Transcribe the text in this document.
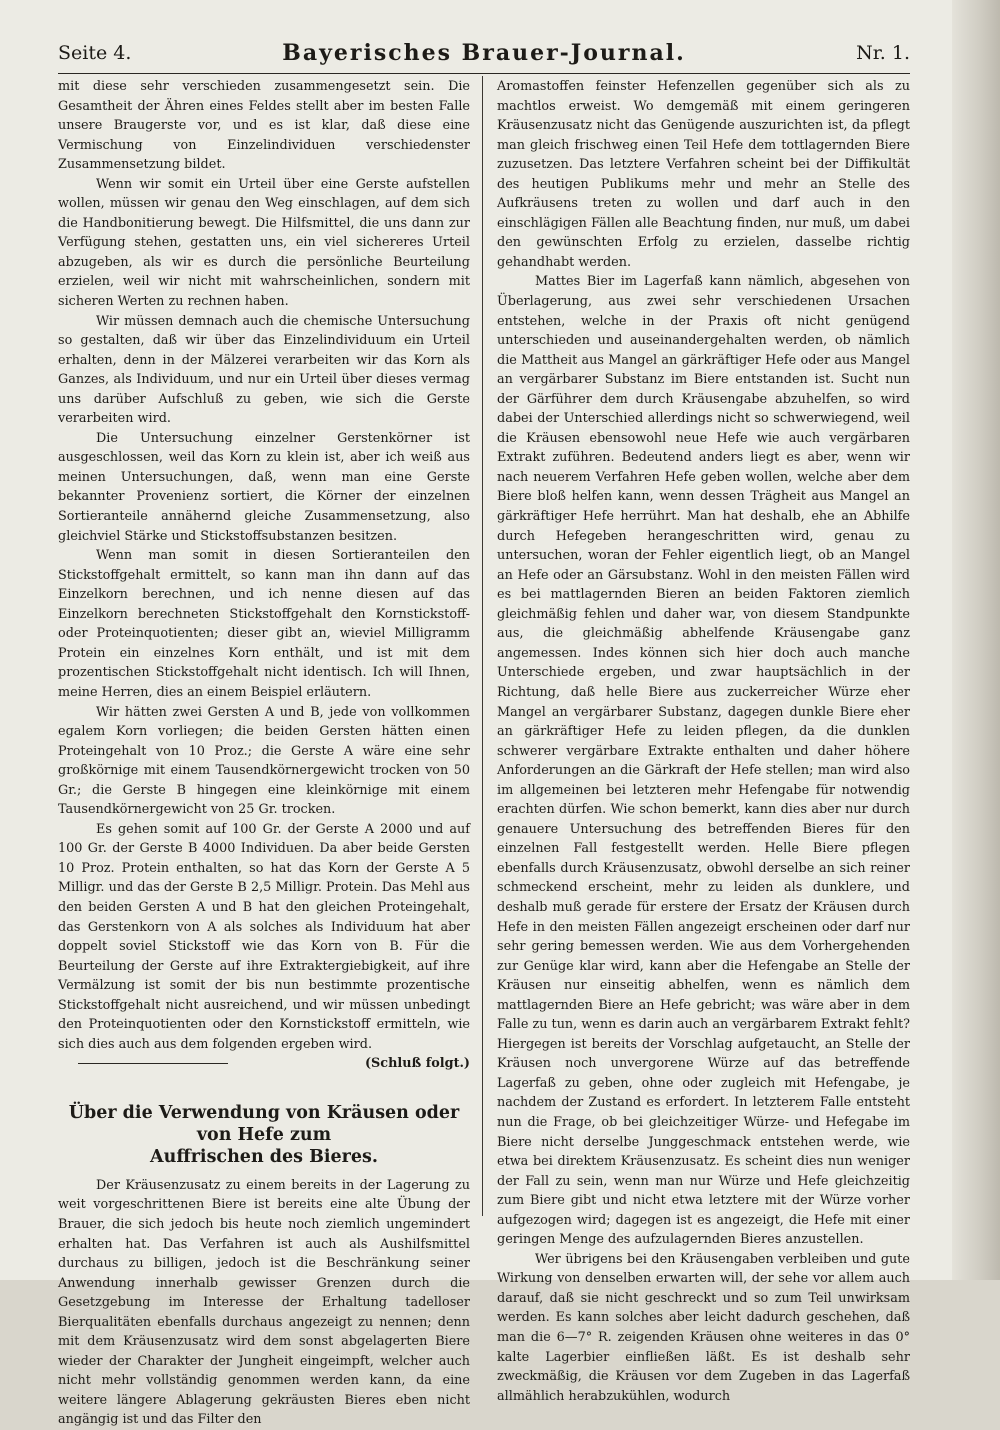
Seite 4.	Bayerisches Brauer-Journal.	Nr. 1.

mit diese sehr verschieden zusammengesetzt sein. Die Gesamtheit der Ähren eines Feldes stellt aber im besten Falle unsere Braugerste vor, und es ist klar, daß diese eine Vermischung von Einzelindividuen verschiedenster Zusammensetzung bildet.

Wenn wir somit ein Urteil über eine Gerste aufstellen wollen, müssen wir genau den Weg einschlagen, auf dem sich die Handbonitierung bewegt. Die Hilfsmittel, die uns dann zur Verfügung stehen, gestatten uns, ein viel sichereres Urteil abzugeben, als wir es durch die persönliche Beurteilung erzielen, weil wir nicht mit wahrscheinlichen, sondern mit sicheren Werten zu rechnen haben.

Wir müssen demnach auch die chemische Untersuchung so gestalten, daß wir über das Einzelindividuum ein Urteil erhalten, denn in der Mälzerei verarbeiten wir das Korn als Ganzes, als Individuum, und nur ein Urteil über dieses vermag uns darüber Aufschluß zu geben, wie sich die Gerste verarbeiten wird.

Die Untersuchung einzelner Gerstenkörner ist ausgeschlossen, weil das Korn zu klein ist, aber ich weiß aus meinen Untersuchungen, daß, wenn man eine Gerste bekannter Provenienz sortiert, die Körner der einzelnen Sortieranteile annähernd gleiche Zusammensetzung, also gleichviel Stärke und Stickstoffsubstanzen besitzen.

Wenn man somit in diesen Sortieranteilen den Stickstoffgehalt ermittelt, so kann man ihn dann auf das Einzelkorn berechnen, und ich nenne diesen auf das Einzelkorn berechneten Stickstoffgehalt den Kornstickstoff- oder Proteinquotienten; dieser gibt an, wieviel Milligramm Protein ein einzelnes Korn enthält, und ist mit dem prozentischen Stickstoffgehalt nicht identisch. Ich will Ihnen, meine Herren, dies an einem Beispiel erläutern.

Wir hätten zwei Gersten A und B, jede von vollkommen egalem Korn vorliegen; die beiden Gersten hätten einen Proteingehalt von 10 Proz.; die Gerste A wäre eine sehr großkörnige mit einem Tausendkörnergewicht trocken von 50 Gr.; die Gerste B hingegen eine kleinkörnige mit einem Tausendkörnergewicht von 25 Gr. trocken.

Es gehen somit auf 100 Gr. der Gerste A 2000 und auf 100 Gr. der Gerste B 4000 Individuen. Da aber beide Gersten 10 Proz. Protein enthalten, so hat das Korn der Gerste A 5 Milligr. und das der Gerste B 2,5 Milligr. Protein. Das Mehl aus den beiden Gersten A und B hat den gleichen Proteingehalt, das Gerstenkorn von A als solches als Individuum hat aber doppelt soviel Stickstoff wie das Korn von B. Für die Beurteilung der Gerste auf ihre Extraktergiebigkeit, auf ihre Vermälzung ist somit der bis nun bestimmte prozentische Stickstoffgehalt nicht ausreichend, und wir müssen unbedingt den Proteinquotienten oder den Kornstickstoff ermitteln, wie sich dies auch aus dem folgenden ergeben wird.

(Schluß folgt.)

Über die Verwendung von Kräusen oder von Hefe zum
Auffrischen des Bieres.

Der Kräusenzusatz zu einem bereits in der Lagerung zu weit vorgeschrittenen Biere ist bereits eine alte Übung der Brauer, die sich jedoch bis heute noch ziemlich ungemindert erhalten hat. Das Verfahren ist auch als Aushilfsmittel durchaus zu billigen, jedoch ist die Beschränkung seiner Anwendung innerhalb gewisser Grenzen durch die Gesetzgebung im Interesse der Erhaltung tadelloser Bierqualitäten ebenfalls durchaus angezeigt zu nennen; denn mit dem Kräusenzusatz wird dem sonst abgelagerten Biere wieder der Charakter der Jungheit eingeimpft, welcher auch nicht mehr vollständig genommen werden kann, da eine weitere längere Ablagerung gekräusten Bieres eben nicht angängig ist und das Filter den

Aromastoffen feinster Hefenzellen gegenüber sich als zu machtlos erweist. Wo demgemäß mit einem geringeren Kräusenzusatz nicht das Genügende auszurichten ist, da pflegt man gleich frischweg einen Teil Hefe dem tottlagernden Biere zuzusetzen. Das letztere Verfahren scheint bei der Diffikultät des heutigen Publikums mehr und mehr an Stelle des Aufkräusens treten zu wollen und darf auch in den einschlägigen Fällen alle Beachtung finden, nur muß, um dabei den gewünschten Erfolg zu erzielen, dasselbe richtig gehandhabt werden.

Mattes Bier im Lagerfaß kann nämlich, abgesehen von Überlagerung, aus zwei sehr verschiedenen Ursachen entstehen, welche in der Praxis oft nicht genügend unterschieden und auseinandergehalten werden, ob nämlich die Mattheit aus Mangel an gärkräftiger Hefe oder aus Mangel an vergärbarer Substanz im Biere entstanden ist. Sucht nun der Gärführer dem durch Kräusengabe abzuhelfen, so wird dabei der Unterschied allerdings nicht so schwerwiegend, weil die Kräusen ebensowohl neue Hefe wie auch vergärbaren Extrakt zuführen. Bedeutend anders liegt es aber, wenn wir nach neuerem Verfahren Hefe geben wollen, welche aber dem Biere bloß helfen kann, wenn dessen Trägheit aus Mangel an gärkräftiger Hefe herrührt. Man hat deshalb, ehe an Abhilfe durch Hefegeben herangeschritten wird, genau zu untersuchen, woran der Fehler eigentlich liegt, ob an Mangel an Hefe oder an Gärsubstanz. Wohl in den meisten Fällen wird es bei mattlagernden Bieren an beiden Faktoren ziemlich gleichmäßig fehlen und daher war, von diesem Standpunkte aus, die gleichmäßig abhelfende Kräusengabe ganz angemessen. Indes können sich hier doch auch manche Unterschiede ergeben, und zwar hauptsächlich in der Richtung, daß helle Biere aus zuckerreicher Würze eher Mangel an vergärbarer Substanz, dagegen dunkle Biere eher an gärkräftiger Hefe zu leiden pflegen, da die dunklen schwerer vergärbare Extrakte enthalten und daher höhere Anforderungen an die Gärkraft der Hefe stellen; man wird also im allgemeinen bei letzteren mehr Hefengabe für notwendig erachten dürfen. Wie schon bemerkt, kann dies aber nur durch genauere Untersuchung des betreffenden Bieres für den einzelnen Fall festgestellt werden. Helle Biere pflegen ebenfalls durch Kräusenzusatz, obwohl derselbe an sich reiner schmeckend erscheint, mehr zu leiden als dunklere, und deshalb muß gerade für erstere der Ersatz der Kräusen durch Hefe in den meisten Fällen angezeigt erscheinen oder darf nur sehr gering bemessen werden. Wie aus dem Vorhergehenden zur Genüge klar wird, kann aber die Hefengabe an Stelle der Kräusen nur einseitig abhelfen, wenn es nämlich dem mattlagernden Biere an Hefe gebricht; was wäre aber in dem Falle zu tun, wenn es darin auch an vergärbarem Extrakt fehlt? Hiergegen ist bereits der Vorschlag aufgetaucht, an Stelle der Kräusen noch unvergorene Würze auf das betreffende Lagerfaß zu geben, ohne oder zugleich mit Hefengabe, je nachdem der Zustand es erfordert. In letzterem Falle entsteht nun die Frage, ob bei gleichzeitiger Würze- und Hefegabe im Biere nicht derselbe Junggeschmack entstehen werde, wie etwa bei direktem Kräusenzusatz. Es scheint dies nun weniger der Fall zu sein, wenn man nur Würze und Hefe gleichzeitig zum Biere gibt und nicht etwa letztere mit der Würze vorher aufgezogen wird; dagegen ist es angezeigt, die Hefe mit einer geringen Menge des aufzulagernden Bieres anzustellen.

Wer übrigens bei den Kräusengaben verbleiben und gute Wirkung von denselben erwarten will, der sehe vor allem auch darauf, daß sie nicht geschreckt und so zum Teil unwirksam werden. Es kann solches aber leicht dadurch geschehen, daß man die 6—7° R. zeigenden Kräusen ohne weiteres in das 0° kalte Lagerbier einfließen läßt. Es ist deshalb sehr zweckmäßig, die Kräusen vor dem Zugeben in das Lagerfaß allmählich herabzukühlen, wodurch
